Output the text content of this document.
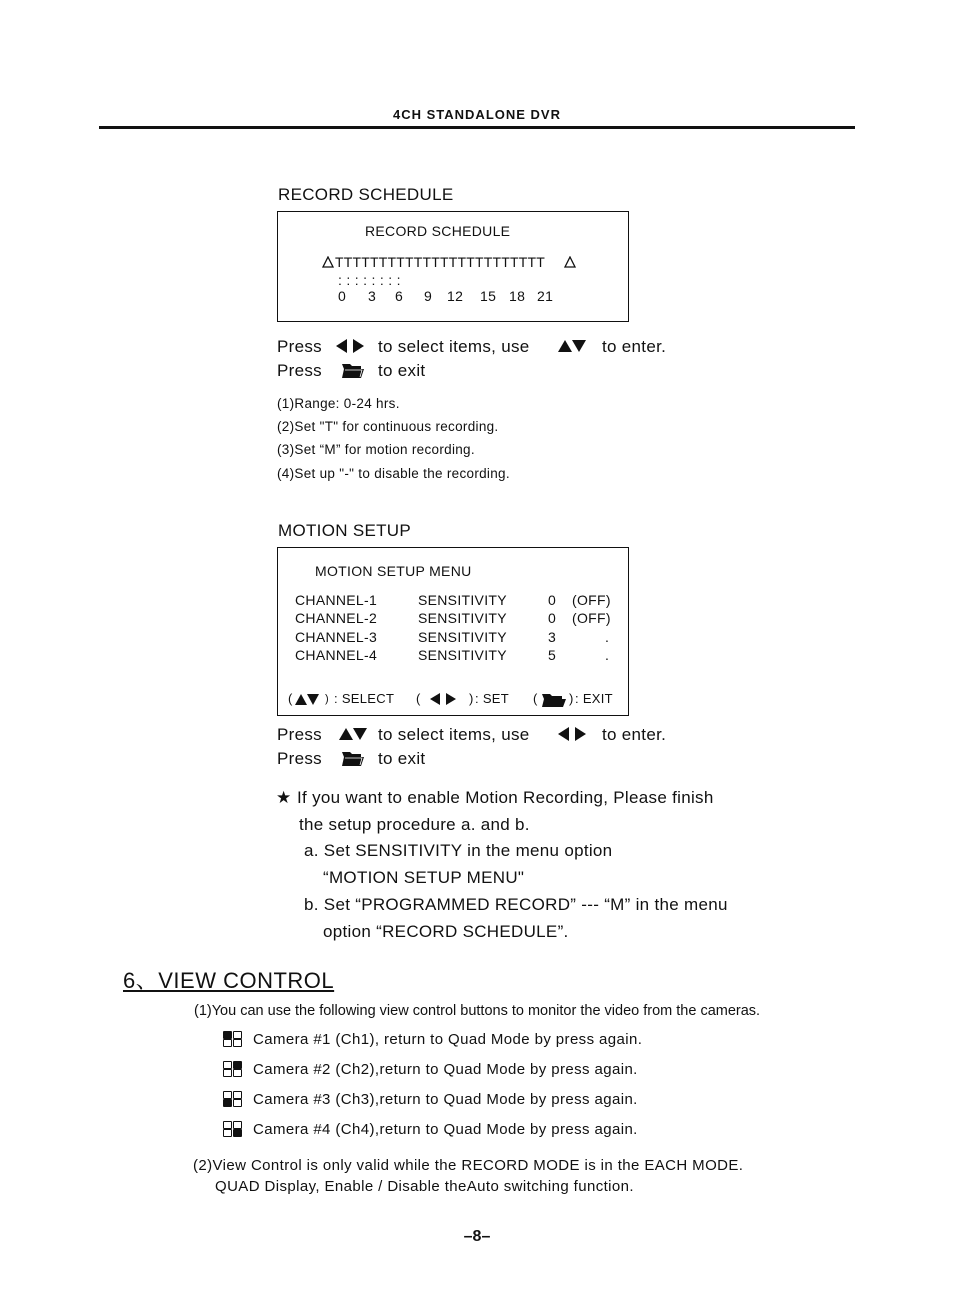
4CH STANDALONE DVR
RECORD SCHEDULE
RECORD SCHEDULE
TTTTTTTTTTTTTTTTTTTTTTTT
: : : : : : : :
0 3 6 9 12 15 18 21
Press	to select items, use	to enter.
Press	to exit
(1)Range: 0-24 hrs.
(2)Set "T" for continuous recording.
(3)Set “M” for motion recording.
(4)Set up "-" to disable the recording.
MOTION SETUP
MOTION SETUP MENU
CHANNEL-1	SENSITIVITY	0 (OFF)
CHANNEL-2	SENSITIVITY	0 (OFF)
CHANNEL-3	SENSITIVITY	3	.
CHANNEL-4	SENSITIVITY	5	.
(	) : SELECT (	) : SET ( ) : EXIT
Press	to select items, use	to enter.
Press	to exit
★ If you want to enable Motion Recording, Please finish
the setup procedure a. and b.
a. Set SENSITIVITY in the menu option
“MOTION SETUP MENU"
b. Set “PROGRAMMED RECORD” --- “M” in the menu
option “RECORD SCHEDULE”.
6、VIEW CONTROL
(1)You can use the following view control buttons to monitor the video from the cameras.
Camera #1 (Ch1), return to Quad Mode by press again.
Camera #2 (Ch2),return to Quad Mode by press again.
Camera #3 (Ch3),return to Quad Mode by press again.
Camera #4 (Ch4),return to Quad Mode by press again.
(2)View Control is only valid while the RECORD MODE is in the EACH MODE.
QUAD Display, Enable / Disable theAuto switching function.
–8–
